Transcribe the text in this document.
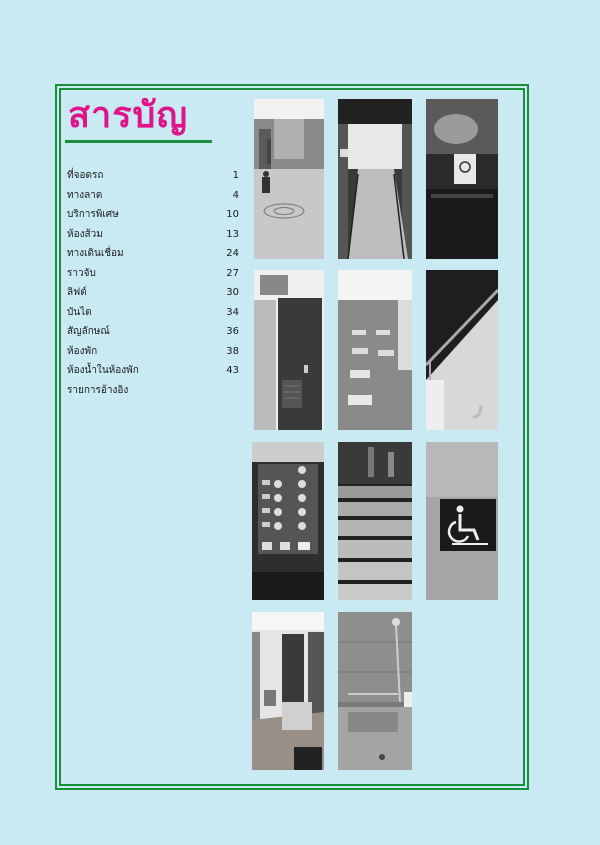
สารบัญ
ที่จอดรถ	1
ทางลาด	4
บริการพิเศษ	10
ห้องส้วม	13
ทางเดินเชื่อม	24
ราวจับ	27
ลิฟต์	30
บันได	34
สัญลักษณ์	36
ห้องพัก	38
ห้องน้ำในห้องพัก	43
รายการอ้างอิง
